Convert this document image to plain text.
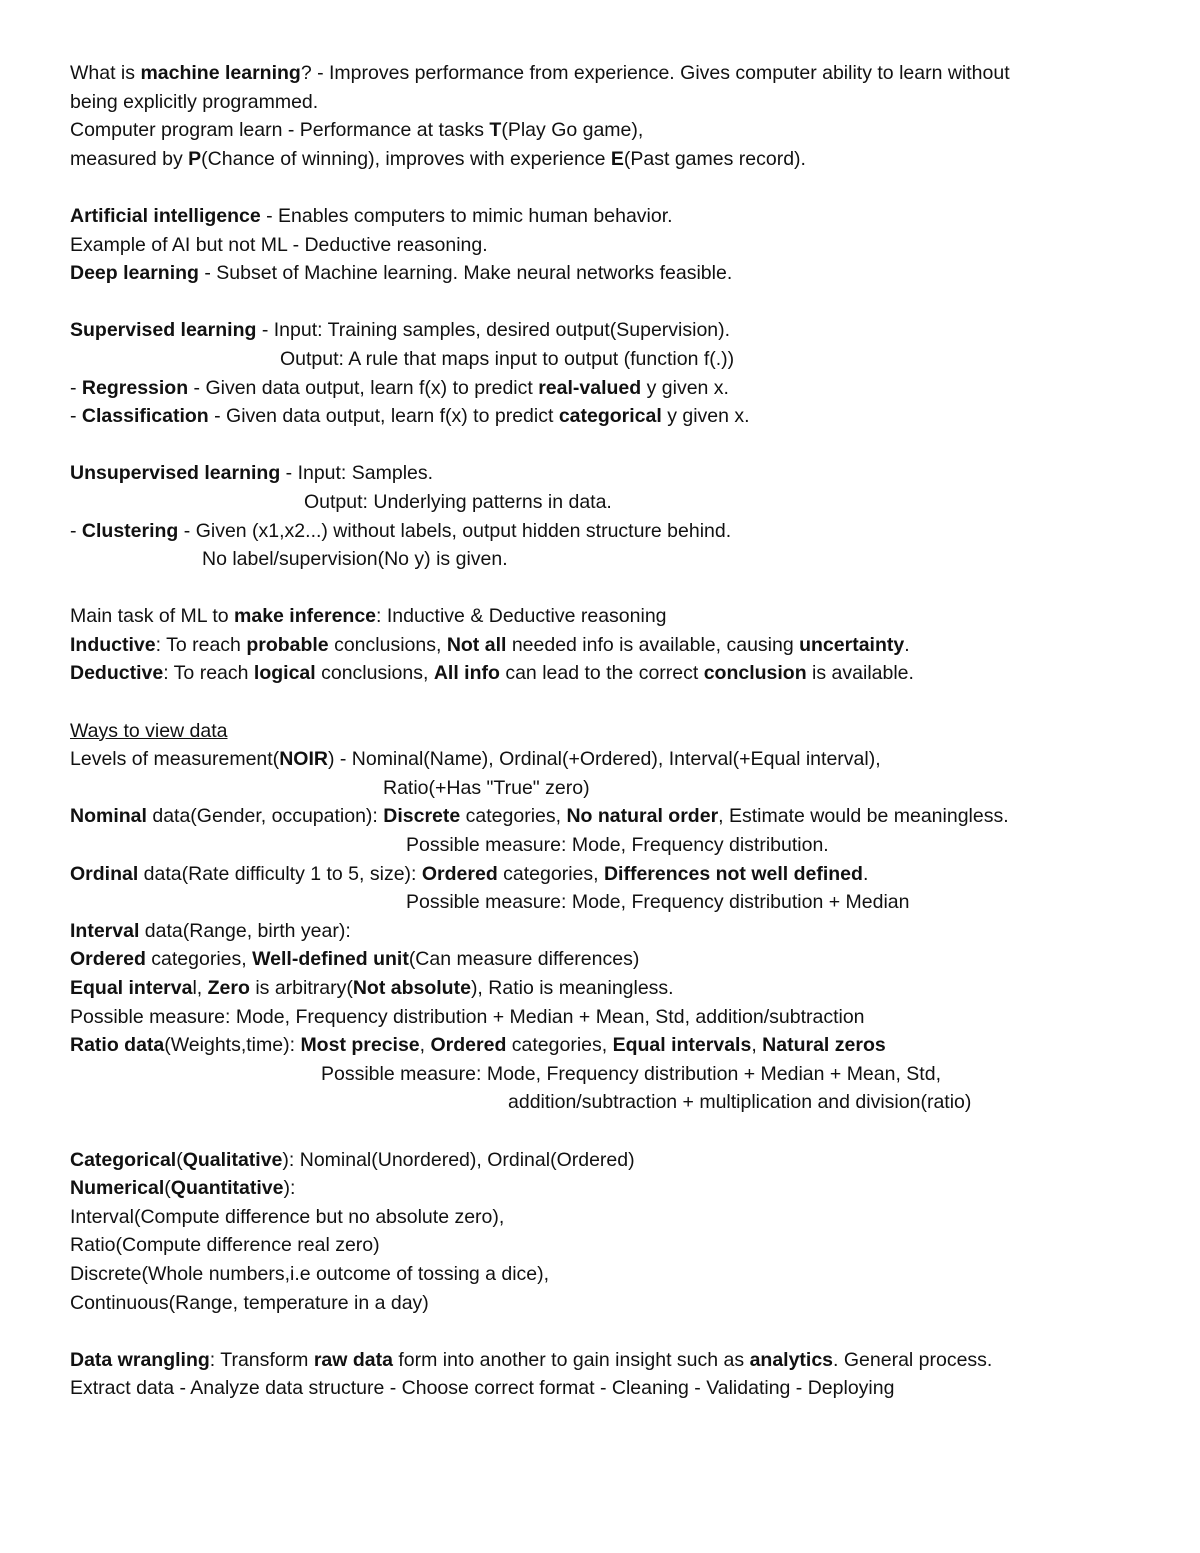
What is machine learning? - Improves performance from experience. Gives computer ability to learn without
being explicitly programmed.
Computer program learn - Performance at tasks T(Play Go game),
measured by P(Chance of winning), improves with experience E(Past games record).
Artificial intelligence - Enables computers to mimic human behavior.
Example of AI but not ML - Deductive reasoning.
Deep learning - Subset of Machine learning. Make neural networks feasible.
Supervised learning - Input: Training samples, desired output(Supervision).
Output: A rule that maps input to output (function f(.))
- Regression - Given data output, learn f(x) to predict real-valued y given x.
- Classification - Given data output, learn f(x) to predict categorical y given x.
Unsupervised learning - Input: Samples.
Output: Underlying patterns in data.
- Clustering - Given (x1,x2...) without labels, output hidden structure behind.
No label/supervision(No y) is given.
Main task of ML to make inference: Inductive & Deductive reasoning
Inductive: To reach probable conclusions, Not all needed info is available, causing uncertainty.
Deductive: To reach logical conclusions, All info can lead to the correct conclusion is available.
Ways to view data
Levels of measurement(NOIR) - Nominal(Name), Ordinal(+Ordered), Interval(+Equal interval),
Ratio(+Has "True" zero)
Nominal data(Gender, occupation): Discrete categories, No natural order, Estimate would be meaningless.
Possible measure: Mode, Frequency distribution.
Ordinal data(Rate difficulty 1 to 5, size): Ordered categories, Differences not well defined.
Possible measure: Mode, Frequency distribution + Median
Interval data(Range, birth year):
Ordered categories, Well-defined unit(Can measure differences)
Equal interval, Zero is arbitrary(Not absolute), Ratio is meaningless.
Possible measure: Mode, Frequency distribution + Median + Mean, Std, addition/subtraction
Ratio data(Weights,time): Most precise, Ordered categories, Equal intervals, Natural zeros
Possible measure: Mode, Frequency distribution + Median + Mean, Std,
addition/subtraction + multiplication and division(ratio)
Categorical(Qualitative): Nominal(Unordered), Ordinal(Ordered)
Numerical(Quantitative):
Interval(Compute difference but no absolute zero),
Ratio(Compute difference real zero)
Discrete(Whole numbers,i.e outcome of tossing a dice),
Continuous(Range, temperature in a day)
Data wrangling: Transform raw data form into another to gain insight such as analytics. General process.
Extract data - Analyze data structure - Choose correct format - Cleaning - Validating - Deploying
